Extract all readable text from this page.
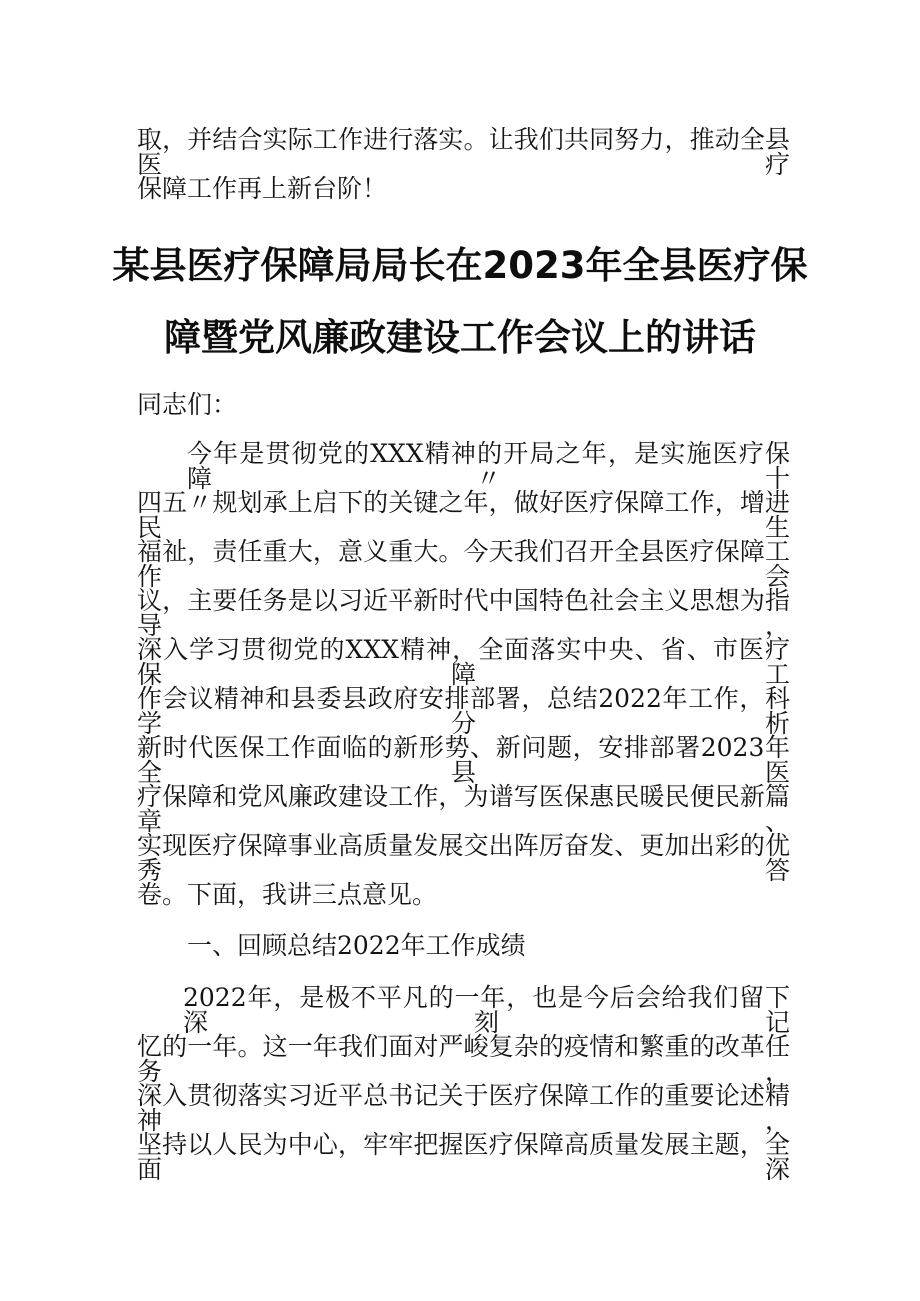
取，并结合实际工作进行落实。让我们共同努力，推动全县医疗
保障工作再上新台阶！
某县医疗保障局局长在2023年全县医疗保
障暨党风廉政建设工作会议上的讲话
同志们：
今年是贯彻党的XXX精神的开局之年，是实施医疗保障〃十
四五〃规划承上启下的关键之年，做好医疗保障工作，增进民生
福祉，责任重大，意义重大。今天我们召开全县医疗保障工作会
议，主要任务是以习近平新时代中国特色社会主义思想为指导，
深入学习贯彻党的XXX精神，全面落实中央、省、市医疗保障工
作会议精神和县委县政府安排部署，总结2022年工作，科学分析
新时代医保工作面临的新形势、新问题，安排部署2023年全县医
疗保障和党风廉政建设工作，为谱写医保惠民暖民便民新篇章、
实现医疗保障事业高质量发展交出阵厉奋发、更加出彩的优秀答
卷。下面，我讲三点意见。
一、回顾总结2022年工作成绩
2022年，是极不平凡的一年，也是今后会给我们留下深刻记
忆的一年。这一年我们面对严峻复杂的疫情和繁重的改革任务，
深入贯彻落实习近平总书记关于医疗保障工作的重要论述精神，
坚持以人民为中心，牢牢把握医疗保障高质量发展主题，全面深
